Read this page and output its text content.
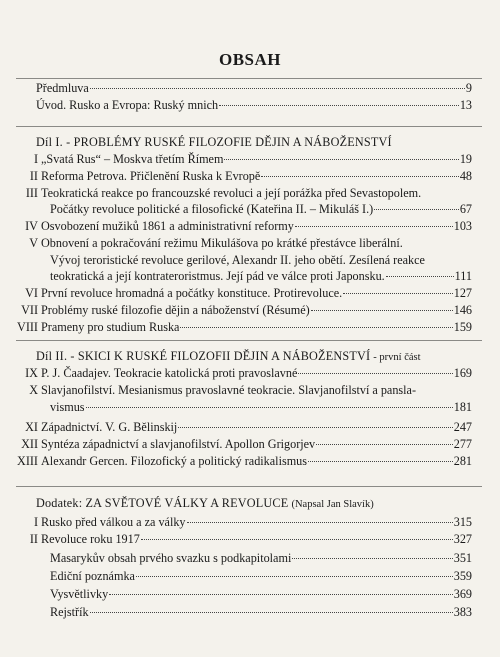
OBSAH
Předmluva	9
Úvod. Rusko a Evropa: Ruský mnich	13
Díl I. - PROBLÉMY RUSKÉ FILOZOFIE DĚJIN A NÁBOŽENSTVÍ
I „Svatá Rus“ – Moskva třetím Římem	19
II Reforma Petrova. Přičlenění Ruska k Evropě	48
III Teokratická reakce po francouzské revoluci a její porážka před Sevastopolem.
Počátky revoluce politické a filosofické (Kateřina II. – Mikuláš I.)	67
IV Osvobození mužiků 1861 a administrativní reformy	103
V Obnovení a pokračování režimu Mikulášova po krátké přestávce liberální.
Vývoj teroristické revoluce gerilové, Alexandr II. jeho obětí. Zesílená reakce
teokratická a její kontrateroristmus. Její pád ve válce proti Japonsku.	111
VI První revoluce hromadná a počátky konstituce. Protirevoluce.	127
VII Problémy ruské filozofie dějin a náboženství (Résumé)	146
VIII Prameny pro studium Ruska	159
Díl II. - SKICI K RUSKÉ FILOZOFII DĚJIN A NÁBOŽENSTVÍ - první část
IX P. J. Čaadajev. Teokracie katolická proti pravoslavné	169
X Slavjanofilství. Mesianismus pravoslavné teokracie. Slavjanofilství a pansla-
vismus	181
XI Západnictví. V. G. Bělinskij	247
XII Syntéza západnictví a slavjanofilství. Apollon Grigorjev	277
XIII Alexandr Gercen. Filozofický a politický radikalismus	281
Dodatek: ZA SVĚTOVÉ VÁLKY A REVOLUCE (Napsal Jan Slavík)
I Rusko před válkou a za války	315
II Revoluce roku 1917	327
Masarykův obsah prvého svazku s podkapitolami	351
Ediční poznámka	359
Vysvětlivky	369
Rejstřík	383
